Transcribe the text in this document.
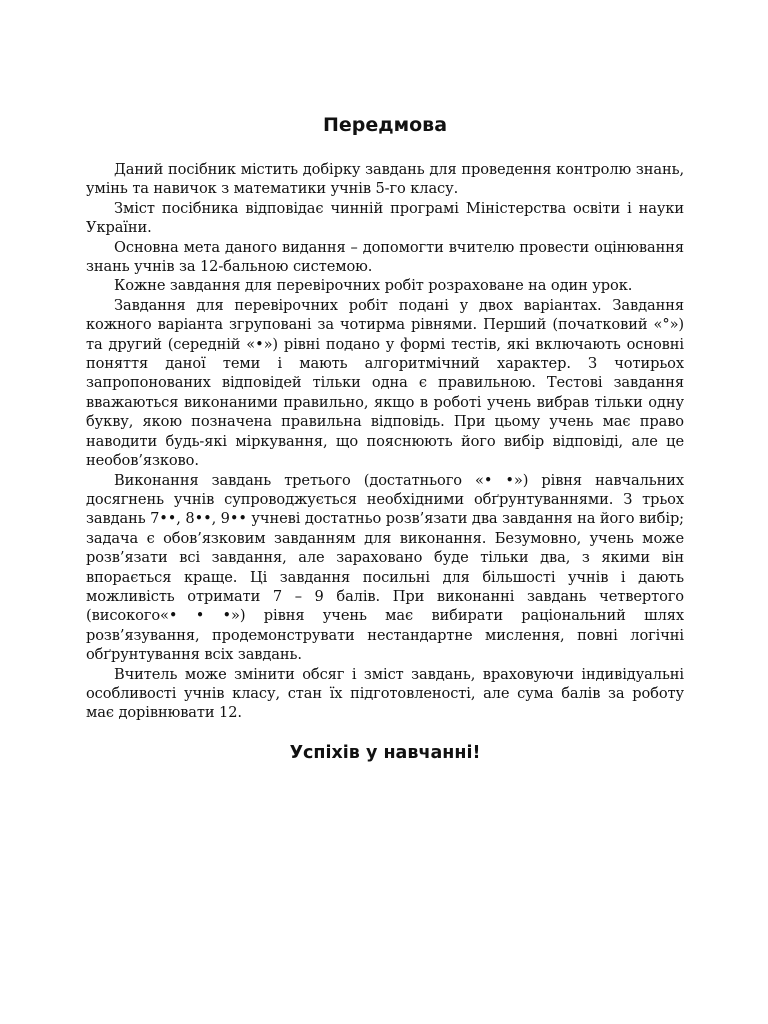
Передмова

Даний посібник містить добірку завдань для проведення контролю знань, умінь та навичок з математики учнів 5-го класу.

Зміст посібника відповідає чинній програмі Міністерства освіти і науки України.

Основна мета даного видання – допомогти вчителю провести оцінювання знань учнів за 12-бальною системою.

Кожне завдання для перевірочних робіт розраховане на один урок.

Завдання для перевірочних робіт подані у двох варіантах. Завдання кожного варіанта згруповані за чотирма рівнями. Перший (початковий «°») та другий (середній «•») рівні подано у формі тестів, які включають основні поняття даної теми і мають алгоритмічний характер. З чотирьох запропонованих відповідей тільки одна є правильною. Тестові завдання вважаються виконаними правильно, якщо в роботі учень вибрав тільки одну букву, якою позначена правильна відповідь. При цьому учень має право наводити будь-які міркування, що пояснюють його вибір відповіді, але це необов’язково.

Виконання завдань третього (достатнього «• •») рівня навчальних досягнень учнів супроводжується необхідними обґрунтуваннями. З трьох завдань 7••, 8••, 9•• учневі достатньо розв’язати два завдання на його вибір; задача є обов’язковим завданням для виконання. Безумовно, учень може розв’язати всі завдання, але зараховано буде тільки два, з якими він впорається краще. Ці завдання посильні для більшості учнів і дають можливість отримати 7 – 9 балів. При виконанні завдань четвертого (високого«• • •») рівня учень має вибирати раціональний шлях розв’язування, продемонструвати нестандартне мислення, повні логічні обґрунтування всіх завдань.

Вчитель може змінити обсяг і зміст завдань, враховуючи індивідуальні особливості учнів класу, стан їх підготовленості, але сума балів за роботу має дорівнювати 12.

Успіхів у навчанні!
